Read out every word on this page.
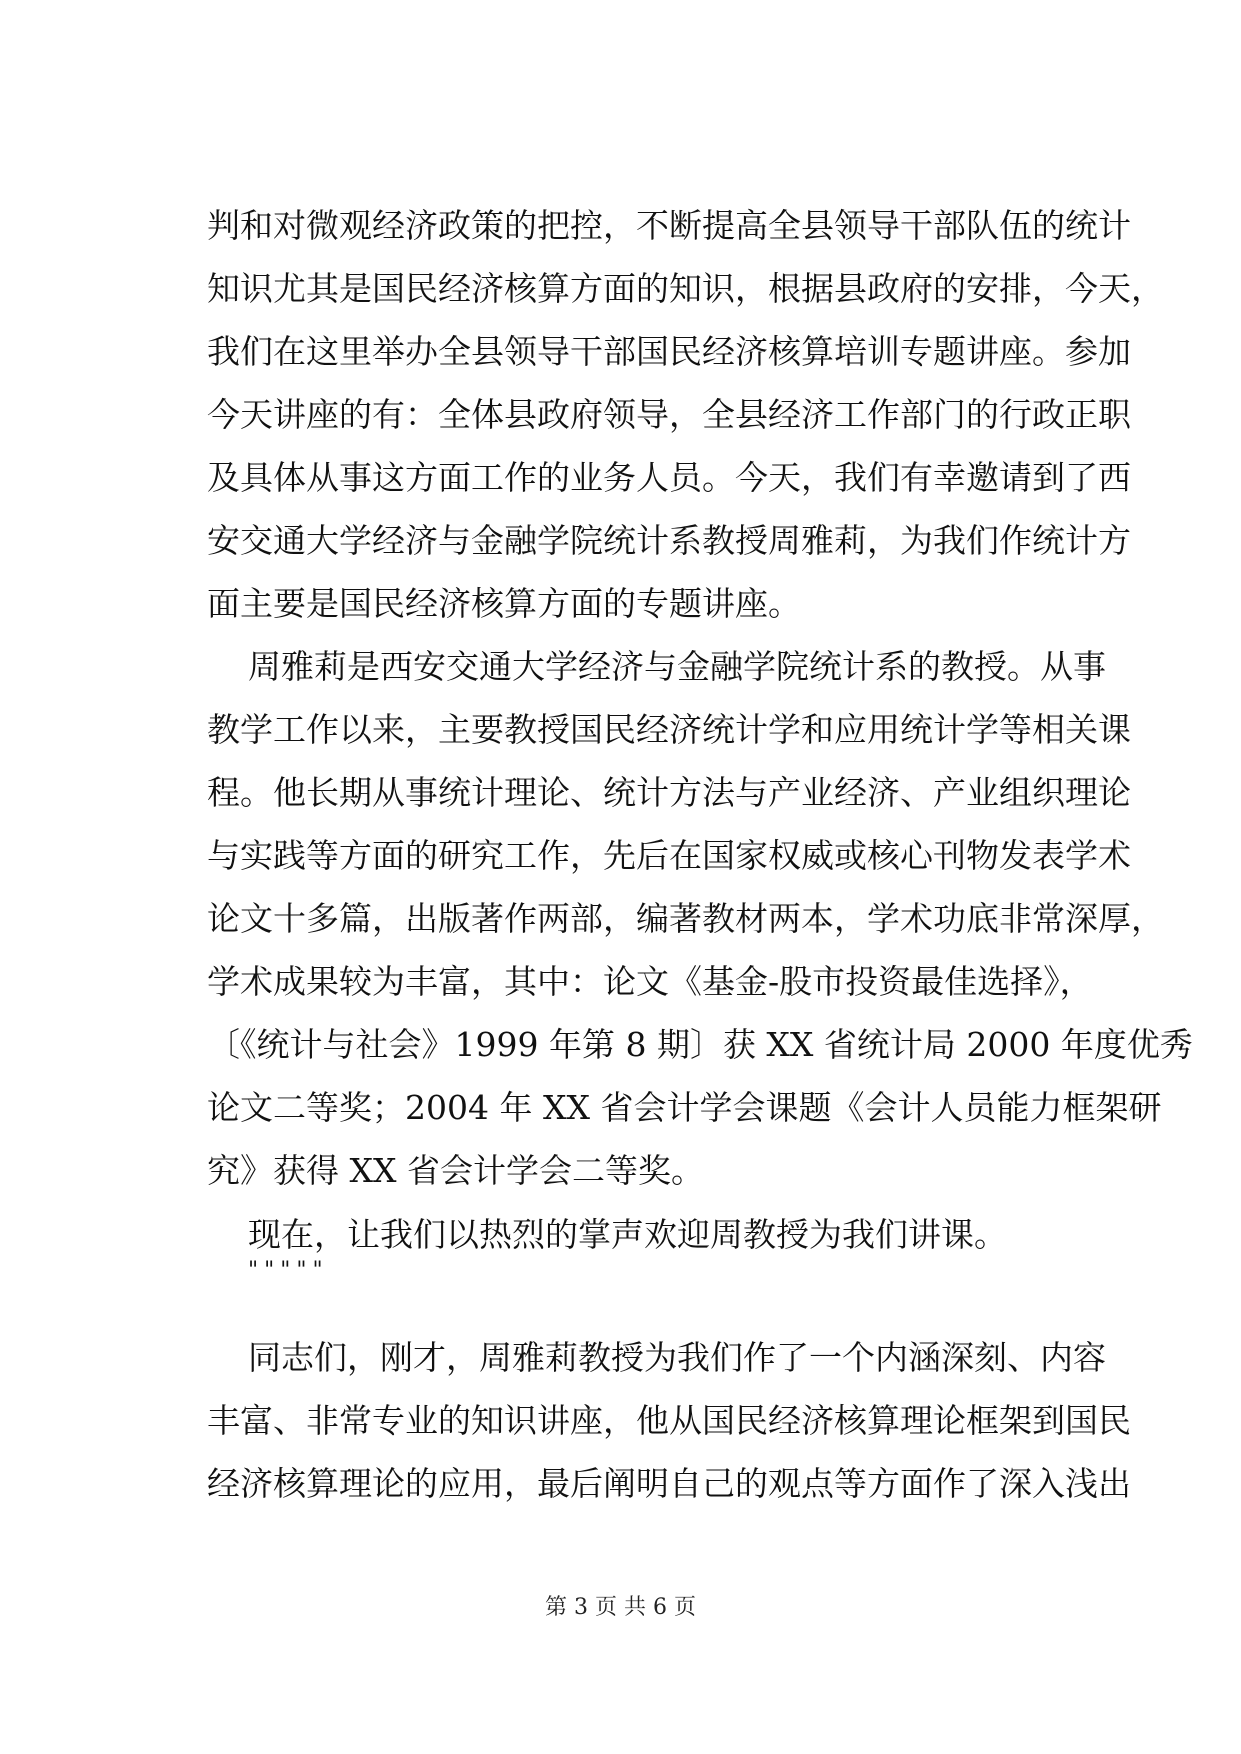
判和对微观经济政策的把控，不断提高全县领导干部队伍的统计
知识尤其是国民经济核算方面的知识，根据县政府的安排，今天，
我们在这里举办全县领导干部国民经济核算培训专题讲座。参加
今天讲座的有：全体县政府领导，全县经济工作部门的行政正职
及具体从事这方面工作的业务人员。今天，我们有幸邀请到了西
安交通大学经济与金融学院统计系教授周雅莉，为我们作统计方
面主要是国民经济核算方面的专题讲座。
周雅莉是西安交通大学经济与金融学院统计系的教授。从事
教学工作以来，主要教授国民经济统计学和应用统计学等相关课
程。他长期从事统计理论、统计方法与产业经济、产业组织理论
与实践等方面的研究工作，先后在国家权威或核心刊物发表学术
论文十多篇，出版著作两部，编著教材两本，学术功底非常深厚，
学术成果较为丰富，其中：论文《基金-股市投资最佳选择》，
〔《统计与社会》1999 年第 8 期〕获 XX 省统计局 2000 年度优秀
论文二等奖；2004 年 XX 省会计学会课题《会计人员能力框架研
究》获得 XX 省会计学会二等奖。
现在，让我们以热烈的掌声欢迎周教授为我们讲课。
"""""
同志们，刚才，周雅莉教授为我们作了一个内涵深刻、内容
丰富、非常专业的知识讲座，他从国民经济核算理论框架到国民
经济核算理论的应用，最后阐明自己的观点等方面作了深入浅出
第 3 页 共 6 页
